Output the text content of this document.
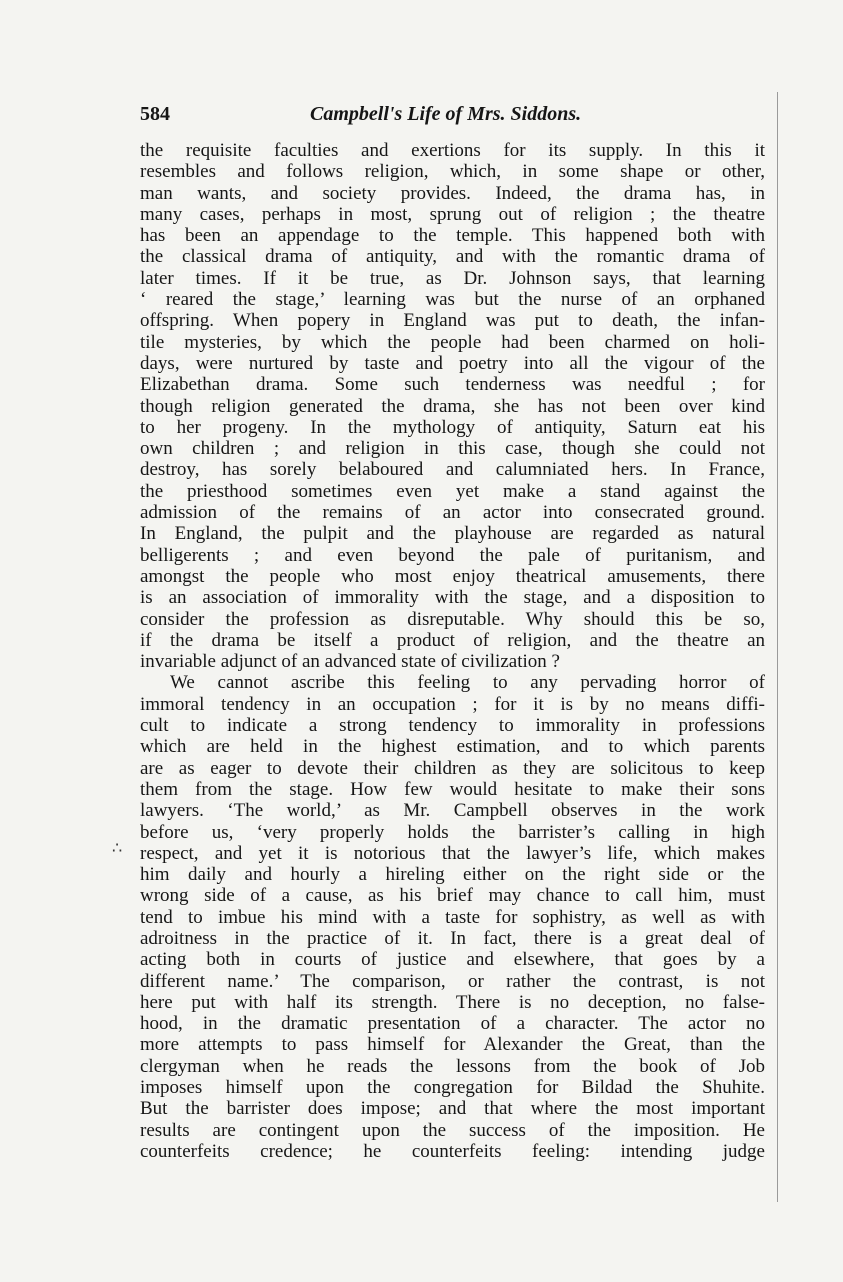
584	Campbell's Life of Mrs. Siddons.
∴
the requisite faculties and exertions for its supply. In this it
resembles and follows religion, which, in some shape or other,
man wants, and society provides. Indeed, the drama has, in
many cases, perhaps in most, sprung out of religion ; the theatre
has been an appendage to the temple. This happened both with
the classical drama of antiquity, and with the romantic drama of
later times. If it be true, as Dr. Johnson says, that learning
‘ reared the stage,’ learning was but the nurse of an orphaned
offspring. When popery in England was put to death, the infan-
tile mysteries, by which the people had been charmed on holi-
days, were nurtured by taste and poetry into all the vigour of the
Elizabethan drama. Some such tenderness was needful ; for
though religion generated the drama, she has not been over kind
to her progeny. In the mythology of antiquity, Saturn eat his
own children ; and religion in this case, though she could not
destroy, has sorely belaboured and calumniated hers. In France,
the priesthood sometimes even yet make a stand against the
admission of the remains of an actor into consecrated ground.
In England, the pulpit and the playhouse are regarded as natural
belligerents ; and even beyond the pale of puritanism, and
amongst the people who most enjoy theatrical amusements, there
is an association of immorality with the stage, and a disposition to
consider the profession as disreputable. Why should this be so,
if the drama be itself a product of religion, and the theatre an
invariable adjunct of an advanced state of civilization ?
We cannot ascribe this feeling to any pervading horror of
immoral tendency in an occupation ; for it is by no means diffi-
cult to indicate a strong tendency to immorality in professions
which are held in the highest estimation, and to which parents
are as eager to devote their children as they are solicitous to keep
them from the stage. How few would hesitate to make their sons
lawyers. ‘The world,’ as Mr. Campbell observes in the work
before us, ‘very properly holds the barrister’s calling in high
respect, and yet it is notorious that the lawyer’s life, which makes
him daily and hourly a hireling either on the right side or the
wrong side of a cause, as his brief may chance to call him, must
tend to imbue his mind with a taste for sophistry, as well as with
adroitness in the practice of it. In fact, there is a great deal of
acting both in courts of justice and elsewhere, that goes by a
different name.’ The comparison, or rather the contrast, is not
here put with half its strength. There is no deception, no false-
hood, in the dramatic presentation of a character. The actor no
more attempts to pass himself for Alexander the Great, than the
clergyman when he reads the lessons from the book of Job
imposes himself upon the congregation for Bildad the Shuhite.
But the barrister does impose; and that where the most important
results are contingent upon the success of the imposition. He
counterfeits credence; he counterfeits feeling: intending judge
